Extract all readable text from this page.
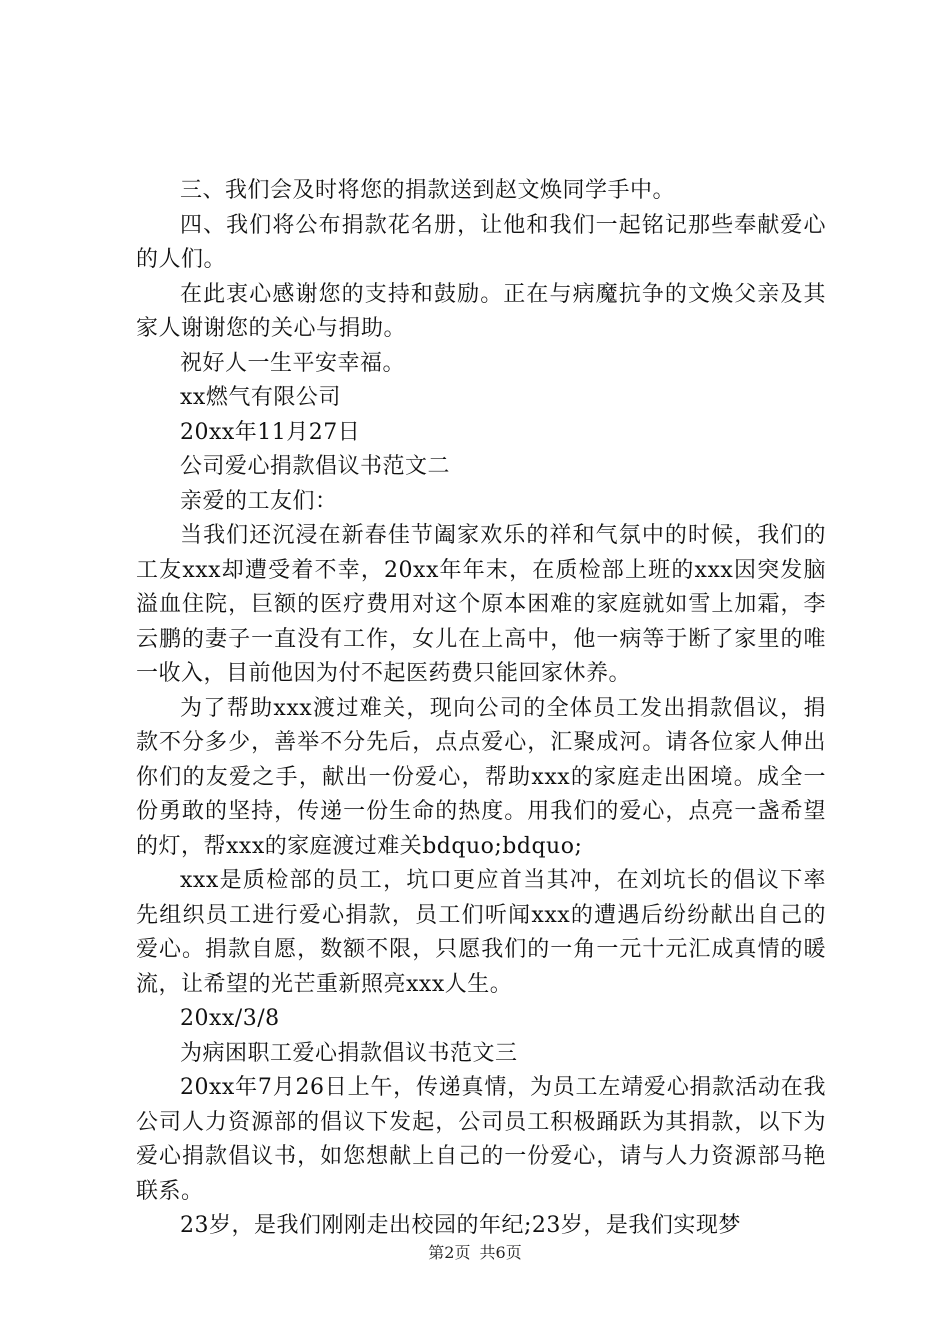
三、我们会及时将您的捐款送到赵文焕同学手中。

四、我们将公布捐款花名册，让他和我们一起铭记那些奉献爱心的人们。

在此衷心感谢您的支持和鼓励。正在与病魔抗争的文焕父亲及其家人谢谢您的关心与捐助。

祝好人一生平安幸福。

xx燃气有限公司

20xx年11月27日

公司爱心捐款倡议书范文二

亲爱的工友们：

当我们还沉浸在新春佳节阖家欢乐的祥和气氛中的时候，我们的工友xxx却遭受着不幸，20xx年年末，在质检部上班的xxx因突发脑溢血住院，巨额的医疗费用对这个原本困难的家庭就如雪上加霜，李云鹏的妻子一直没有工作，女儿在上高中，他一病等于断了家里的唯一收入，目前他因为付不起医药费只能回家休养。

为了帮助xxx渡过难关，现向公司的全体员工发出捐款倡议，捐款不分多少，善举不分先后，点点爱心，汇聚成河。请各位家人伸出你们的友爱之手，献出一份爱心，帮助xxx的家庭走出困境。成全一份勇敢的坚持，传递一份生命的热度。用我们的爱心，点亮一盏希望的灯，帮xxx的家庭渡过难关bdquo;bdquo;

xxx是质检部的员工，坑口更应首当其冲，在刘坑长的倡议下率先组织员工进行爱心捐款，员工们听闻xxx的遭遇后纷纷献出自己的爱心。捐款自愿，数额不限，只愿我们的一角一元十元汇成真情的暖流，让希望的光芒重新照亮xxx人生。

20xx/3/8

为病困职工爱心捐款倡议书范文三

20xx年7月26日上午，传递真情，为员工左靖爱心捐款活动在我公司人力资源部的倡议下发起，公司员工积极踊跃为其捐款，以下为爱心捐款倡议书，如您想献上自己的一份爱心，请与人力资源部马艳联系。

23岁，是我们刚刚走出校园的年纪;23岁，是我们实现梦

第2页 共6页
